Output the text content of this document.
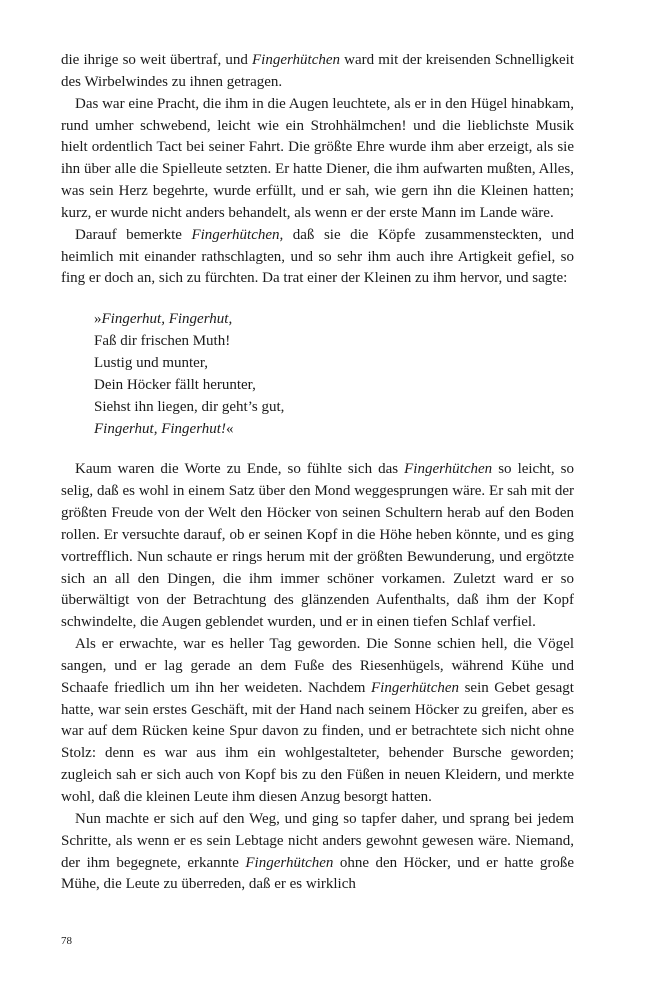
die ihrige so weit übertraf, und Fingerhütchen ward mit der kreisenden Schnelligkeit des Wirbelwindes zu ihnen getragen.

Das war eine Pracht, die ihm in die Augen leuchtete, als er in den Hügel hinabkam, rund umher schwebend, leicht wie ein Strohhälmchen! und die lieblichste Musik hielt ordentlich Tact bei seiner Fahrt. Die größte Ehre wurde ihm aber erzeigt, als sie ihn über alle die Spielleute setzten. Er hatte Diener, die ihm aufwarten mußten, Alles, was sein Herz begehrte, wurde erfüllt, und er sah, wie gern ihn die Kleinen hatten; kurz, er wurde nicht anders behandelt, als wenn er der erste Mann im Lande wäre.

Darauf bemerkte Fingerhütchen, daß sie die Köpfe zusammensteckten, und heimlich mit einander rathschlagten, und so sehr ihm auch ihre Artigkeit gefiel, so fing er doch an, sich zu fürchten. Da trat einer der Kleinen zu ihm hervor, und sagte:

»Fingerhut, Fingerhut,
Faß dir frischen Muth!
Lustig und munter,
Dein Höcker fällt herunter,
Siehst ihn liegen, dir geht’s gut,
Fingerhut, Fingerhut!«

Kaum waren die Worte zu Ende, so fühlte sich das Fingerhütchen so leicht, so selig, daß es wohl in einem Satz über den Mond weggesprungen wäre. Er sah mit der größten Freude von der Welt den Höcker von seinen Schultern herab auf den Boden rollen. Er versuchte darauf, ob er seinen Kopf in die Höhe heben könnte, und es ging vortrefflich. Nun schaute er rings herum mit der größten Bewunderung, und ergötzte sich an all den Dingen, die ihm immer schöner vorkamen. Zuletzt ward er so überwältigt von der Betrachtung des glänzenden Aufenthalts, daß ihm der Kopf schwindelte, die Augen geblendet wurden, und er in einen tiefen Schlaf verfiel.

Als er erwachte, war es heller Tag geworden. Die Sonne schien hell, die Vögel sangen, und er lag gerade an dem Fuße des Riesenhügels, während Kühe und Schaafe friedlich um ihn her weideten. Nachdem Fingerhütchen sein Gebet gesagt hatte, war sein erstes Geschäft, mit der Hand nach seinem Höcker zu greifen, aber es war auf dem Rücken keine Spur davon zu finden, und er betrachtete sich nicht ohne Stolz: denn es war aus ihm ein wohlgestalteter, behender Bursche geworden; zugleich sah er sich auch von Kopf bis zu den Füßen in neuen Kleidern, und merkte wohl, daß die kleinen Leute ihm diesen Anzug besorgt hatten.

Nun machte er sich auf den Weg, und ging so tapfer daher, und sprang bei jedem Schritte, als wenn er es sein Lebtage nicht anders gewohnt gewesen wäre. Niemand, der ihm begegnete, erkannte Fingerhütchen ohne den Höcker, und er hatte große Mühe, die Leute zu überreden, daß er es wirklich

78
